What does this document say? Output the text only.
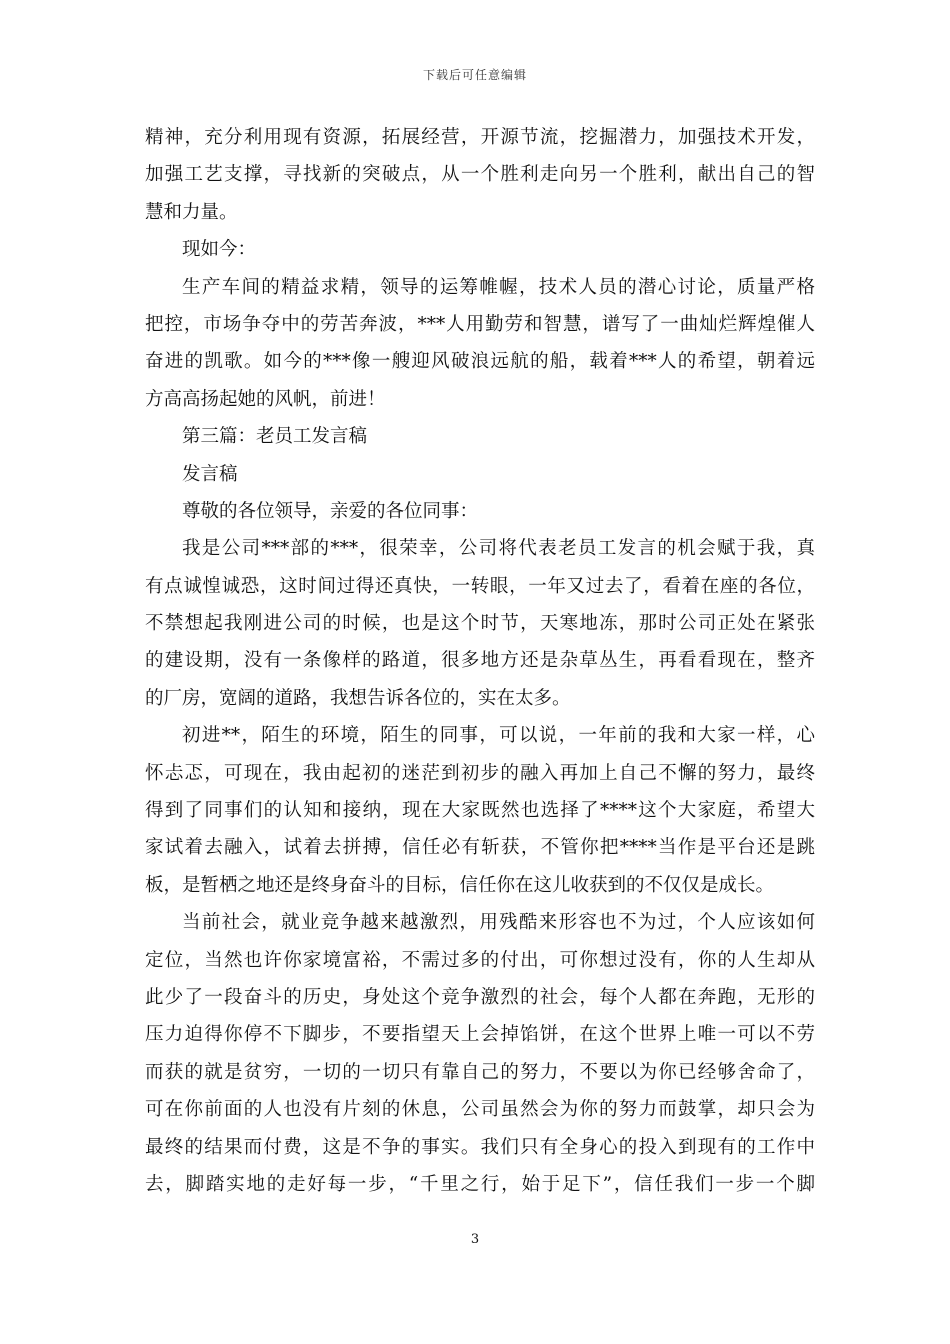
下载后可任意编辑
精神，充分利用现有资源，拓展经营，开源节流，挖掘潜力，加强技术开发，
加强工艺支撑，寻找新的突破点，从一个胜利走向另一个胜利，献出自己的智
慧和力量。
现如今：
生产车间的精益求精，领导的运筹帷幄，技术人员的潜心讨论，质量严格
把控，市场争夺中的劳苦奔波，***人用勤劳和智慧，谱写了一曲灿烂辉煌催人
奋进的凯歌。如今的***像一艘迎风破浪远航的船，载着***人的希望，朝着远
方高高扬起她的风帆，前进！
第三篇：老员工发言稿
发言稿
尊敬的各位领导，亲爱的各位同事：
我是公司***部的***，很荣幸，公司将代表老员工发言的机会赋于我，真
有点诚惶诚恐，这时间过得还真快，一转眼，一年又过去了，看着在座的各位，
不禁想起我刚进公司的时候，也是这个时节，天寒地冻，那时公司正处在紧张
的建设期，没有一条像样的路道，很多地方还是杂草丛生，再看看现在，整齐
的厂房，宽阔的道路，我想告诉各位的，实在太多。
初进**，陌生的环境，陌生的同事，可以说，一年前的我和大家一样，心
怀忐忑，可现在，我由起初的迷茫到初步的融入再加上自己不懈的努力，最终
得到了同事们的认知和接纳，现在大家既然也选择了****这个大家庭，希望大
家试着去融入，试着去拼搏，信任必有斩获，不管你把****当作是平台还是跳
板，是暂栖之地还是终身奋斗的目标，信任你在这儿收获到的不仅仅是成长。
当前社会，就业竞争越来越激烈，用残酷来形容也不为过，个人应该如何
定位，当然也许你家境富裕，不需过多的付出，可你想过没有，你的人生却从
此少了一段奋斗的历史，身处这个竞争激烈的社会，每个人都在奔跑，无形的
压力迫得你停不下脚步，不要指望天上会掉馅饼，在这个世界上唯一可以不劳
而获的就是贫穷，一切的一切只有靠自己的努力，不要以为你已经够舍命了，
可在你前面的人也没有片刻的休息，公司虽然会为你的努力而鼓掌，却只会为
最终的结果而付费，这是不争的事实。我们只有全身心的投入到现有的工作中
去，脚踏实地的走好每一步，“千里之行，始于足下”，信任我们一步一个脚
3
